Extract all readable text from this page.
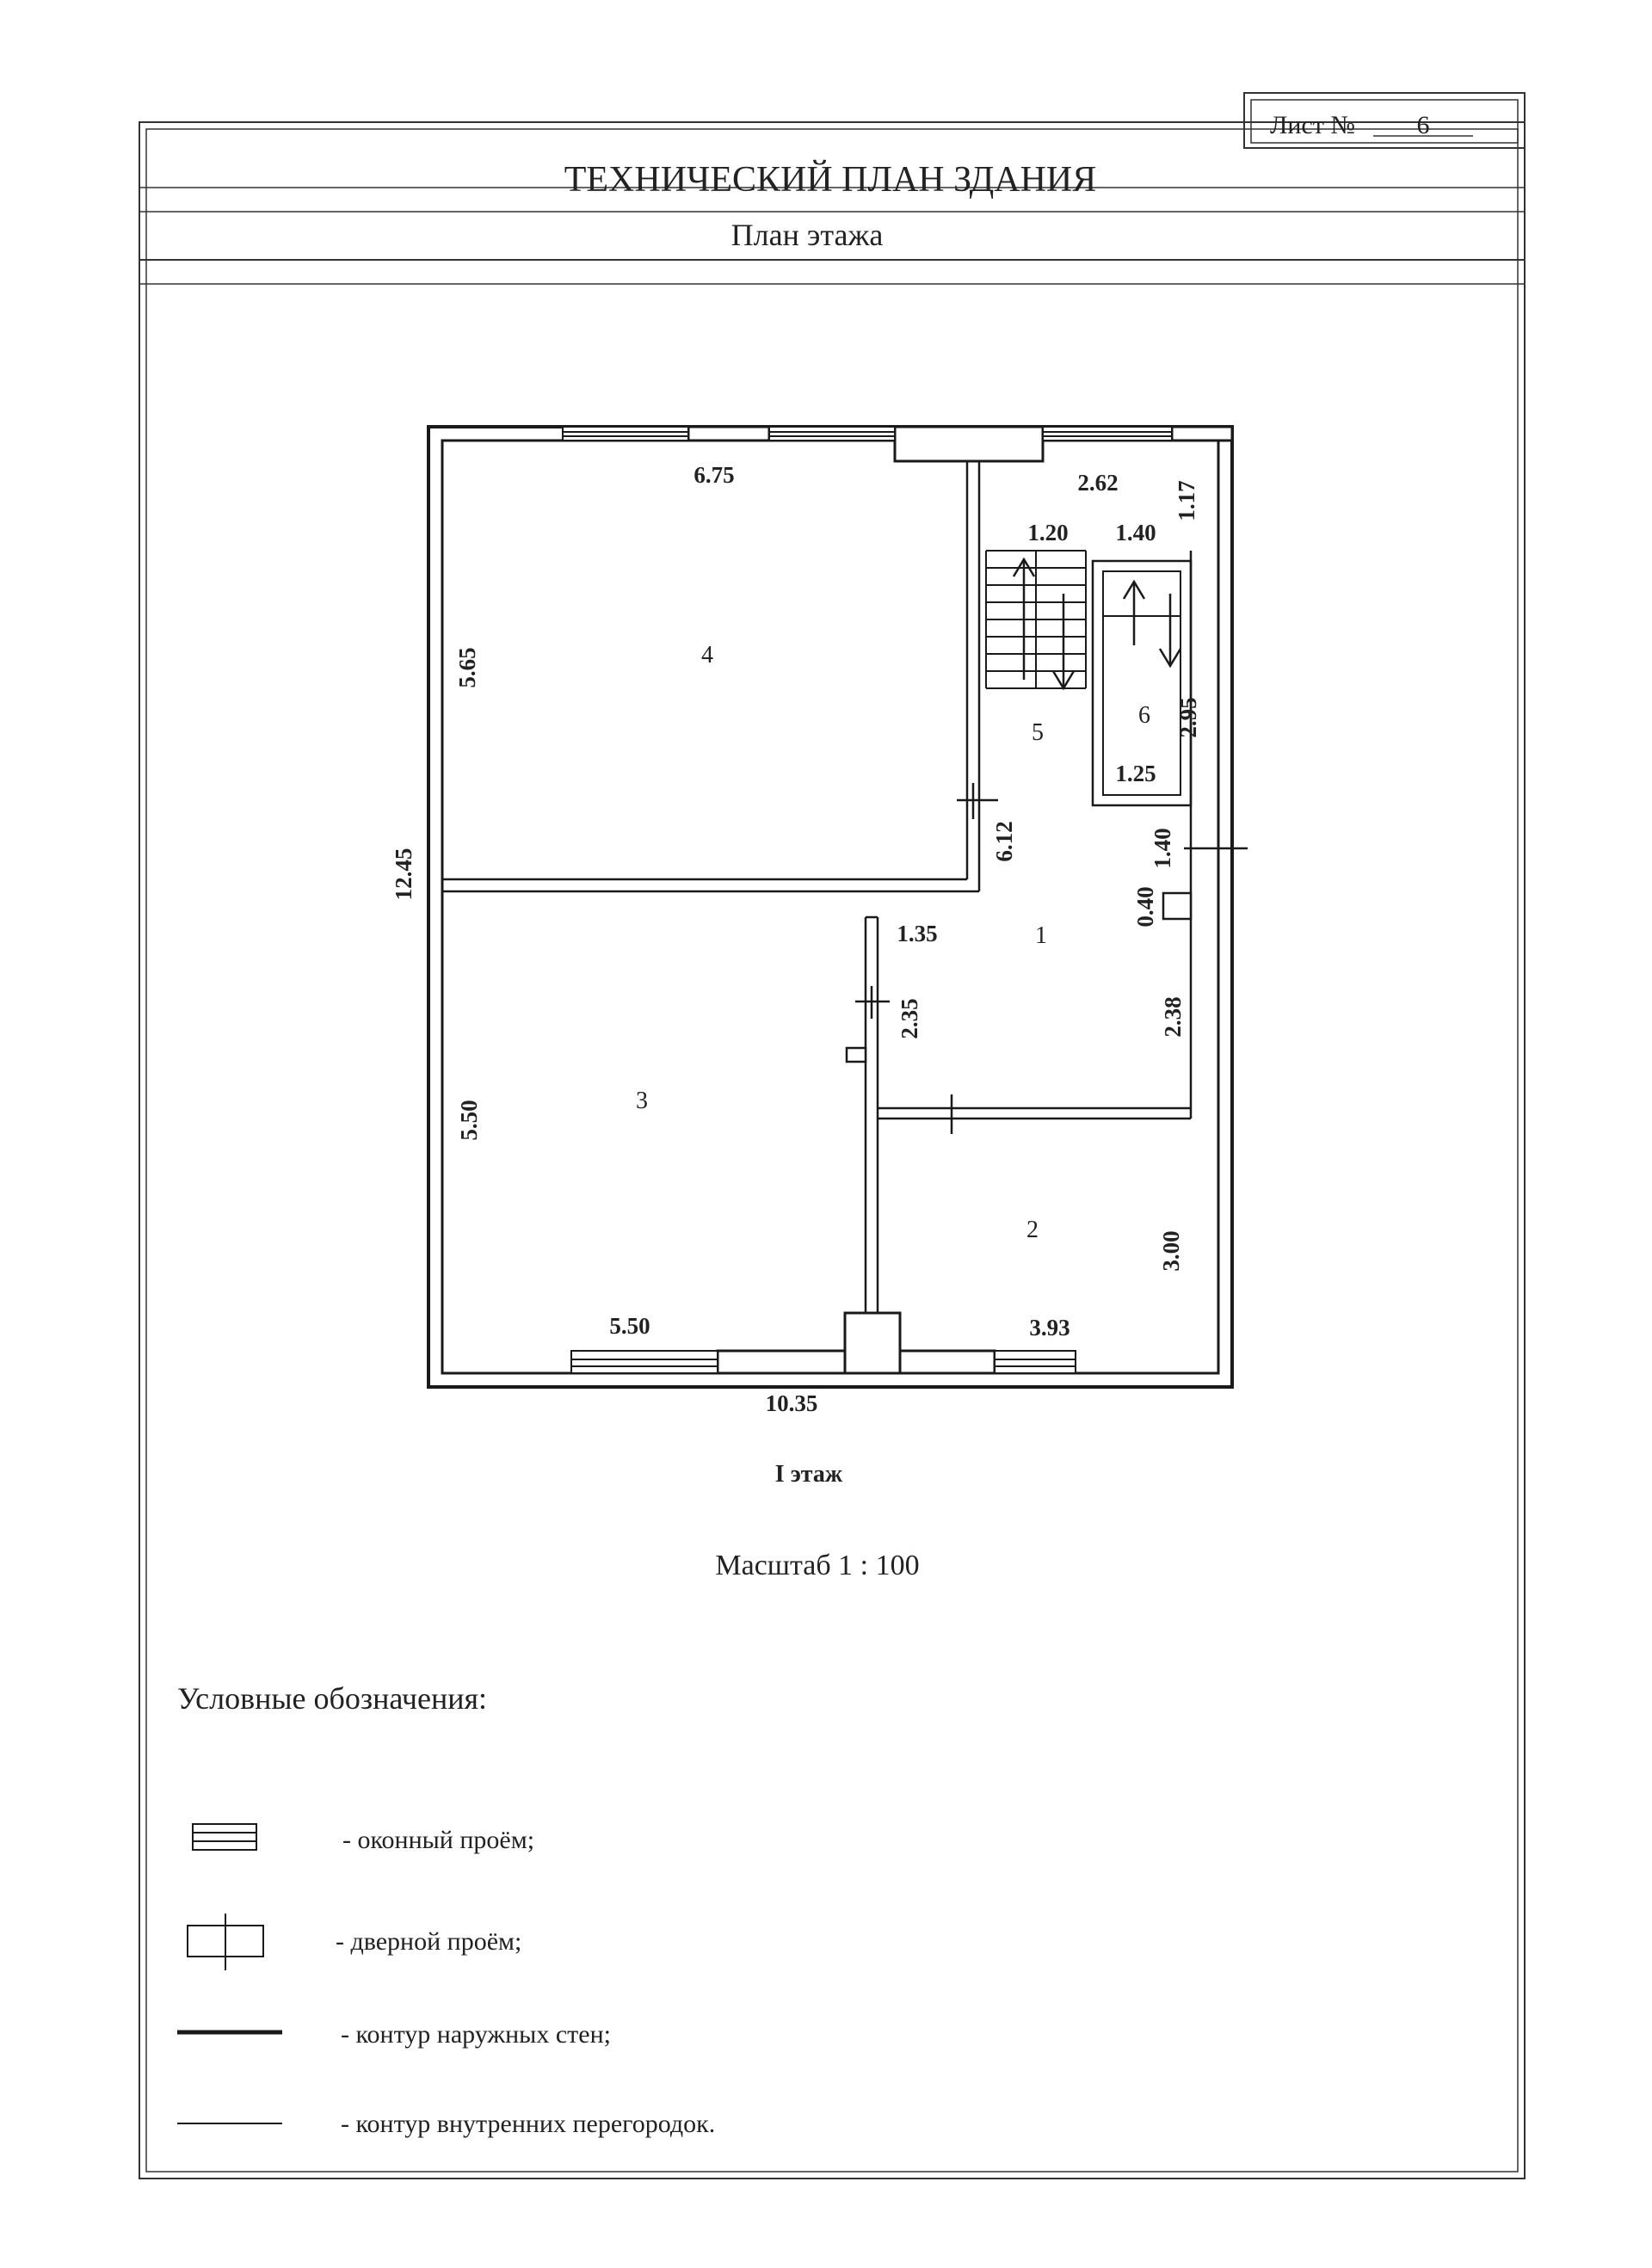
Лист № 6
ТЕХНИЧЕСКИЙ ПЛАН ЗДАНИЯ
План этажа
4
5
6
1
3
2
6.75	2.62
1.20 1.40
1.25
1.35
5.50	3.93
10.35
1.17
5.65
2.95
6.12	1.40
0.40
12.45
2.35	2.38
5.50
3.00
I этаж
Масштаб 1 : 100
Условные обозначения:
- оконный проём;
- дверной проём;
- контур наружных стен;
- контур внутренних перегородок.
